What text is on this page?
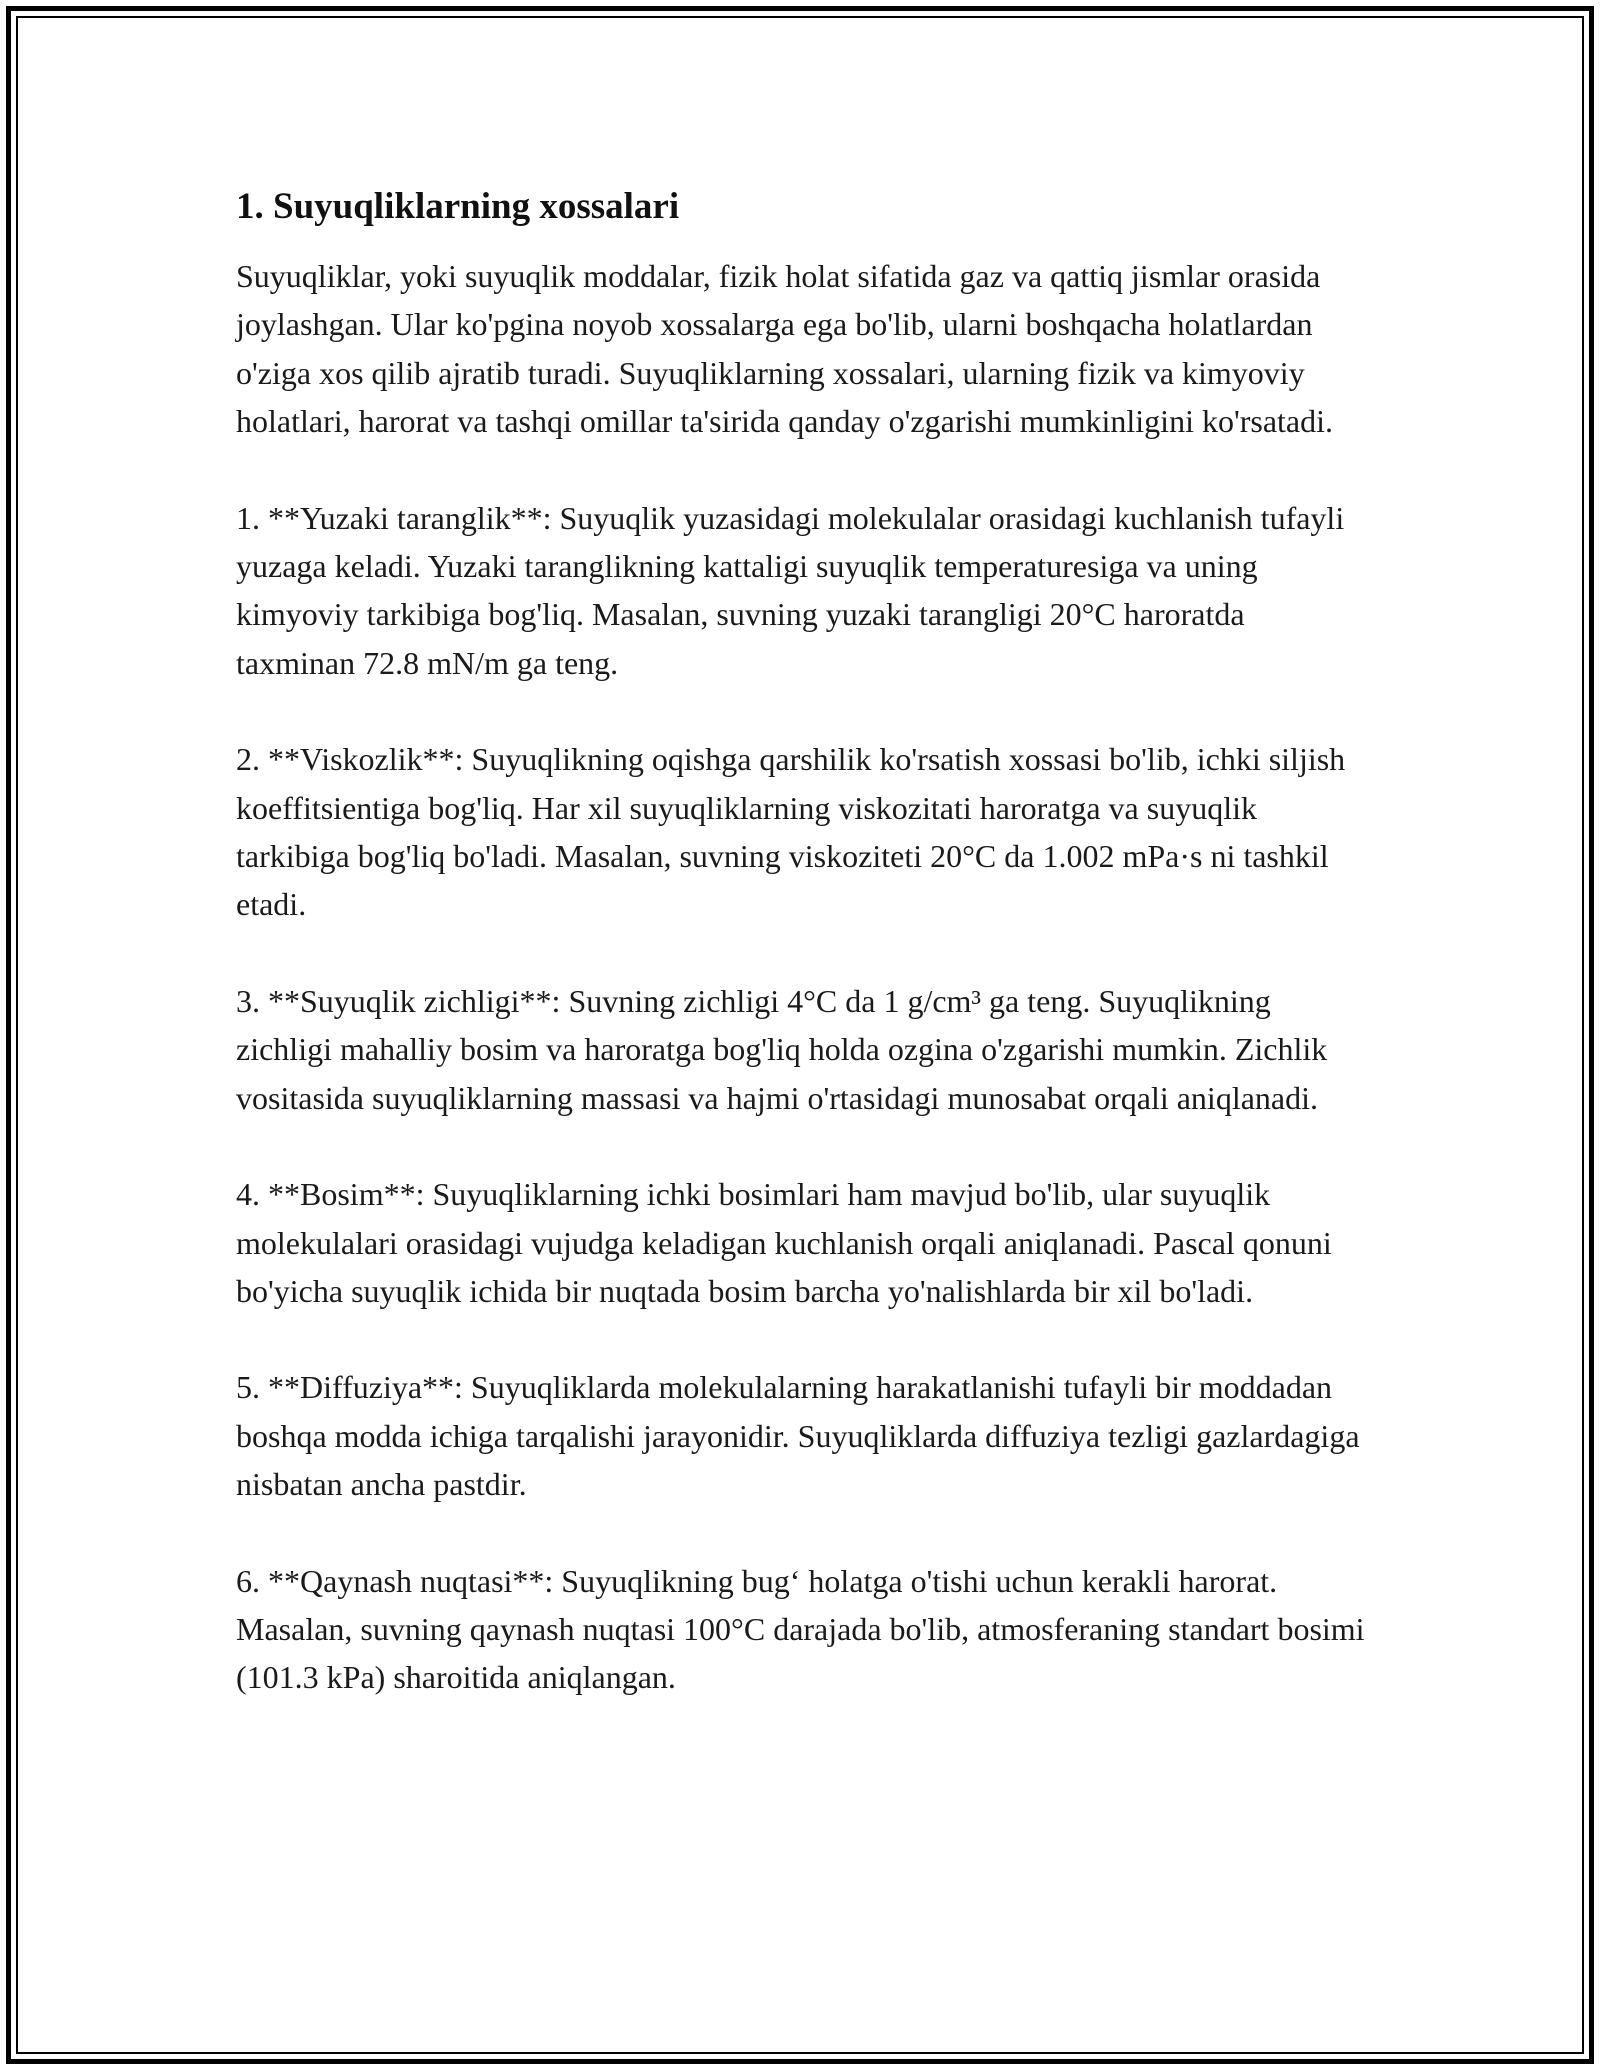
1. Suyuqliklarning xossalari

Suyuqliklar, yoki suyuqlik moddalar, fizik holat sifatida gaz va qattiq jismlar orasida joylashgan. Ular ko'pgina noyob xossalarga ega bo'lib, ularni boshqacha holatlardan o'ziga xos qilib ajratib turadi. Suyuqliklarning xossalari, ularning fizik va kimyoviy holatlari, harorat va tashqi omillar ta'sirida qanday o'zgarishi mumkinligini ko'rsatadi.

1. **Yuzaki taranglik**: Suyuqlik yuzasidagi molekulalar orasidagi kuchlanish tufayli yuzaga keladi. Yuzaki taranglikning kattaligi suyuqlik temperaturesiga va uning kimyoviy tarkibiga bog'liq. Masalan, suvning yuzaki tarangligi 20°C haroratda taxminan 72.8 mN/m ga teng.

2. **Viskozlik**: Suyuqlikning oqishga qarshilik ko'rsatish xossasi bo'lib, ichki siljish koeffitsientiga bog'liq. Har xil suyuqliklarning viskozitati haroratga va suyuqlik tarkibiga bog'liq bo'ladi. Masalan, suvning viskoziteti 20°C da 1.002 mPa·s ni tashkil etadi.

3. **Suyuqlik zichligi**: Suvning zichligi 4°C da 1 g/cm³ ga teng. Suyuqlikning zichligi mahalliy bosim va haroratga bog'liq holda ozgina o'zgarishi mumkin. Zichlik vositasida suyuqliklarning massasi va hajmi o'rtasidagi munosabat orqali aniqlanadi.

4. **Bosim**: Suyuqliklarning ichki bosimlari ham mavjud bo'lib, ular suyuqlik molekulalari orasidagi vujudga keladigan kuchlanish orqali aniqlanadi. Pascal qonuni bo'yicha suyuqlik ichida bir nuqtada bosim barcha yo'nalishlarda bir xil bo'ladi.

5. **Diffuziya**: Suyuqliklarda molekulalarning harakatlanishi tufayli bir moddadan boshqa modda ichiga tarqalishi jarayonidir. Suyuqliklarda diffuziya tezligi gazlardagiga nisbatan ancha pastdir.

6. **Qaynash nuqtasi**: Suyuqlikning bug‘ holatga o'tishi uchun kerakli harorat. Masalan, suvning qaynash nuqtasi 100°C darajada bo'lib, atmosferaning standart bosimi (101.3 kPa) sharoitida aniqlangan.
